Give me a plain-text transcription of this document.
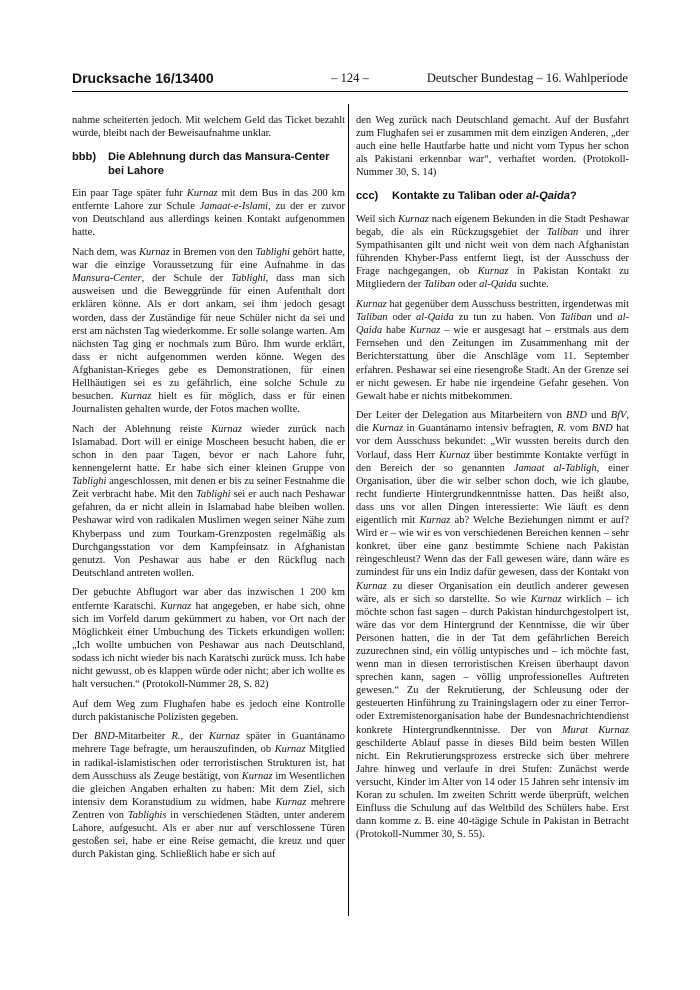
Drucksache 16/13400	– 124 –	Deutscher Bundestag – 16. Wahlperiode

nahme scheiterten jedoch. Mit welchem Geld das Ticket bezahlt wurde, bleibt nach der Beweisaufnahme unklar.

bbb)	Die Ablehnung durch das Mansura-Center bei Lahore

Ein paar Tage später fuhr Kurnaz mit dem Bus in das 200 km entfernte Lahore zur Schule Jamaat-e-Islami, zu der er zuvor von Deutschland aus allerdings keinen Kontakt aufgenommen hatte.

Nach dem, was Kurnaz in Bremen von den Tablighi gehört hatte, war die einzige Voraussetzung für eine Aufnahme in das Mansura-Center, der Schule der Tablighi, dass man sich ausweisen und die Beweggründe für einen Aufenthalt dort erklären könne. Als er dort ankam, sei ihm jedoch gesagt worden, dass der Zuständige für neue Schüler nicht da sei und erst am nächsten Tag wiederkomme. Er solle solange warten. Am nächsten Tag ging er nochmals zum Büro. Ihm wurde erklärt, dass er nicht aufgenommen werden könne. Wegen des Afghanistan-Krieges gebe es Demonstrationen, für einen Hellhäutigen sei es zu gefährlich, eine solche Schule zu besuchen. Kurnaz hielt es für möglich, dass er für einen Journalisten gehalten wurde, der Fotos machen wollte.

Nach der Ablehnung reiste Kurnaz wieder zurück nach Islamabad. Dort will er einige Moscheen besucht haben, die er schon in den paar Tagen, bevor er nach Lahore fuhr, kennengelernt hatte. Er habe sich einer kleinen Gruppe von Tablighi angeschlossen, mit denen er bis zu seiner Festnahme die Zeit verbracht habe. Mit den Tablighi sei er auch nach Peshawar gefahren, da er nicht allein in Islamabad habe bleiben wollen. Peshawar wird von radikalen Muslimen wegen seiner Nähe zum Khyberpass und zum Tourkam-Grenzposten regelmäßig als Durchgangsstation vor dem Kampfeinsatz in Afghanistan genutzt. Von Peshawar aus habe er den Rückflug nach Deutschland antreten wollen.

Der gebuchte Abflugort war aber das inzwischen 1 200 km entfernte Karatschi. Kurnaz hat angegeben, er habe sich, ohne sich im Vorfeld darum gekümmert zu haben, vor Ort nach der Möglichkeit einer Umbuchung des Tickets erkundigen wollen: „Ich wollte umbuchen von Peshawar aus nach Deutschland, sodass ich nicht wieder bis nach Karatschi zurück muss. Ich habe nicht gewusst, ob es klappen würde oder nicht; aber ich wollte es halt versuchen.“ (Protokoll-Nummer 28, S. 82)

Auf dem Weg zum Flughafen habe es jedoch eine Kontrolle durch pakistanische Polizisten gegeben.

Der BND-Mitarbeiter R., der Kurnaz später in Guantánamo mehrere Tage befragte, um herauszufinden, ob Kurnaz Mitglied in radikal-islamistischen oder terroristischen Strukturen ist, hat dem Ausschuss als Zeuge bestätigt, von Kurnaz im Wesentlichen die gleichen Angaben erhalten zu haben: Mit dem Ziel, sich intensiv dem Koranstudium zu widmen, habe Kurnaz mehrere Zentren von Tablighis in verschiedenen Städten, unter anderem Lahore, aufgesucht. Als er aber nur auf verschlossene Türen gestoßen sei, habe er eine Reise gemacht, die kreuz und quer durch Pakistan ging. Schließlich habe er sich auf

den Weg zurück nach Deutschland gemacht. Auf der Busfahrt zum Flughafen sei er zusammen mit dem einzigen Anderen, „der auch eine helle Hautfarbe hatte und nicht vom Typus her schon als Pakistani erkennbar war“, verhaftet worden. (Protokoll-Nummer 30, S. 14)

ccc)	Kontakte zu Taliban oder al-Qaida?

Weil sich Kurnaz nach eigenem Bekunden in die Stadt Peshawar begab, die als ein Rückzugsgebiet der Taliban und ihrer Sympathisanten gilt und nicht weit von dem nach Afghanistan führenden Khyber-Pass entfernt liegt, ist der Ausschuss der Frage nachgegangen, ob Kurnaz in Pakistan Kontakt zu Mitgliedern der Taliban oder al-Qaida suchte.

Kurnaz hat gegenüber dem Ausschuss bestritten, irgendetwas mit Taliban oder al-Qaida zu tun zu haben. Von Taliban und al-Qaida habe Kurnaz – wie er ausgesagt hat – erstmals aus dem Fernsehen und den Zeitungen im Zusammenhang mit der Berichterstattung über die Anschläge vom 11. September erfahren. Peshawar sei eine riesengroße Stadt. An der Grenze sei er nicht gewesen. Er habe nie irgendeine Gefahr gesehen. Von Gewalt habe er nichts mitbekommen.

Der Leiter der Delegation aus Mitarbeitern von BND und BfV, die Kurnaz in Guantánamo intensiv befragten, R. vom BND hat vor dem Ausschuss bekundet: „Wir wussten bereits durch den Vorlauf, dass Herr Kurnaz über bestimmte Kontakte verfügt in den Bereich der so genannten Jamaat al-Tabligh, einer Organisation, über die wir selber schon doch, wie ich glaube, recht fundierte Hintergrundkenntnisse hatten. Das heißt also, dass uns vor allen Dingen interessierte: Wie läuft es denn eigentlich mit Kurnaz ab? Welche Beziehungen nimmt er auf? Wird er – wie wir es von verschiedenen Bereichen kennen – sehr konkret, über eine ganz bestimmte Schiene nach Pakistan reingeschleust? Wenn das der Fall gewesen wäre, dann wäre es zumindest für uns ein Indiz dafür gewesen, dass der Kontakt von Kurnaz zu dieser Organisation ein deutlich anderer gewesen wäre, als er sich so darstellte. So wie Kurnaz wirklich – ich möchte schon fast sagen – durch Pakistan hindurchgestolpert ist, wäre das vor dem Hintergrund der Kenntnisse, die wir über Personen hatten, die in der Tat dem gefährlichen Bereich zuzurechnen sind, ein völlig untypisches und – ich möchte fast, wenn man in diesen terroristischen Kreisen überhaupt davon sprechen kann, sagen – völlig unprofessionelles Auftreten gewesen.“ Zu der Rekrutierung, der Schleusung oder der gesteuerten Hinführung zu Trainingslagern oder zu einer Terror- oder Extremistenorganisation habe der Bundesnachrichtendienst konkrete Hintergrundkenntnisse. Der von Murat Kurnaz geschilderte Ablauf passe in dieses Bild beim besten Willen nicht. Ein Rekrutierungsprozess erstrecke sich über mehrere Jahre hinweg und verlaufe in drei Stufen: Zunächst werde versucht, Kinder im Alter von 14 oder 15 Jahren sehr intensiv im Koran zu schulen. Im zweiten Schritt werde überprüft, welchen Einfluss die Schulung auf das Weltbild des Schülers habe. Erst dann komme z. B. eine 40-tägige Schule in Pakistan in Betracht (Protokoll-Nummer 30, S. 55).
